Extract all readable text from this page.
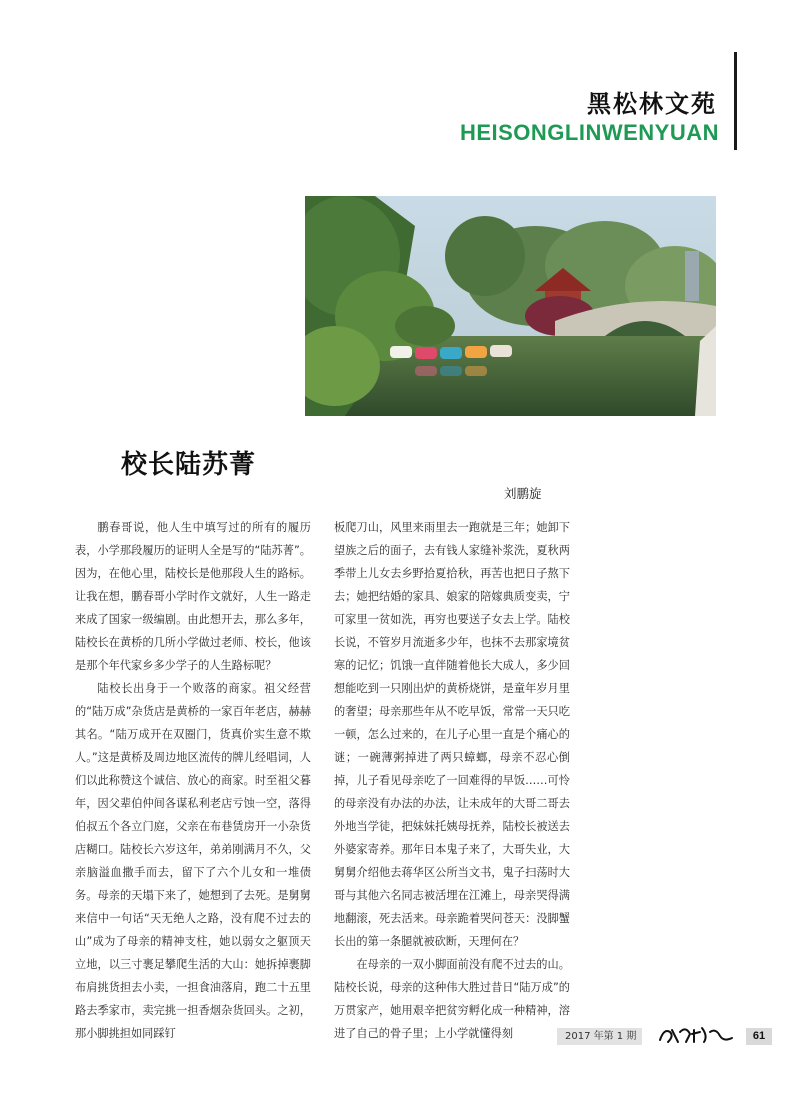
黑松林文苑
HEISONGLINWENYUAN
校长陆苏菁
刘鹏旋

鹏春哥说，他人生中填写过的所有的履历表，小学那段履历的证明人全是写的“陆苏菁”。因为，在他心里，陆校长是他那段人生的路标。让我在想，鹏春哥小学时作文就好，人生一路走来成了国家一级编剧。由此想开去，那么多年，陆校长在黄桥的几所小学做过老师、校长，他该是那个年代家乡多少学子的人生路标呢？

陆校长出身于一个败落的商家。祖父经营的“陆万成”杂货店是黄桥的一家百年老店，赫赫其名。“陆万成开在双圈门，货真价实生意不欺人。”这是黄桥及周边地区流传的牌儿经唱词，人们以此称赞这个诚信、放心的商家。时至祖父暮年，因父辈伯仲间各谋私利老店亏蚀一空，落得伯叔五个各立门庭，父亲在布巷赁房开一小杂货店糊口。陆校长六岁这年，弟弟刚满月不久，父亲脑溢血撒手而去，留下了六个儿女和一堆债务。母亲的天塌下来了，她想到了去死。是舅舅来信中一句话“天无绝人之路，没有爬不过去的山”成为了母亲的精神支柱，她以弱女之躯顶天立地，以三寸裹足攀爬生活的大山：她拆掉裹脚布肩挑货担去小卖，一担食油落肩，跑二十五里路去季家市，卖完挑一担香烟杂货回头。之初，那小脚挑担如同踩钉

板爬刀山，风里来雨里去一跑就是三年；她卸下望族之后的面子，去有钱人家缝补浆洗，夏秋两季带上儿女去乡野拾夏拾秋，再苦也把日子熬下去；她把结婚的家具、娘家的陪嫁典质变卖，宁可家里一贫如洗，再穷也要送子女去上学。陆校长说，不管岁月流逝多少年，也抹不去那家境贫寒的记忆；饥饿一直伴随着他长大成人，多少回想能吃到一只刚出炉的黄桥烧饼，是童年岁月里的奢望；母亲那些年从不吃早饭，常常一天只吃一顿，怎么过来的，在儿子心里一直是个痛心的谜；一碗薄粥掉进了两只蟑螂，母亲不忍心倒掉，儿子看见母亲吃了一回难得的早饭……可怜的母亲没有办法的办法，让未成年的大哥二哥去外地当学徒，把妹妹托姨母抚养，陆校长被送去外婆家寄养。那年日本鬼子来了，大哥失业，大舅舅介绍他去蒋华区公所当文书，鬼子扫荡时大哥与其他六名同志被活埋在江滩上，母亲哭得满地翻滚，死去活来。母亲跪着哭问苍天：没脚蟹长出的第一条腿就被砍断，天理何在？

在母亲的一双小脚面前没有爬不过去的山。陆校长说，母亲的这种伟大胜过昔日“陆万成”的万贯家产，她用艰辛把贫穷孵化成一种精神，溶进了自己的骨子里；上小学就懂得刻	2017 年第 1 期	61
